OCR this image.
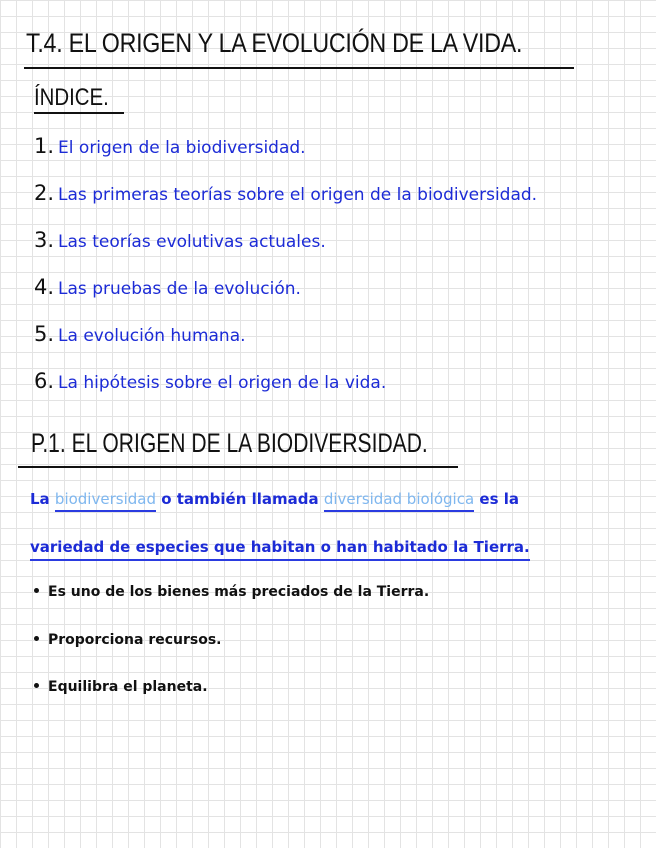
T.4. EL ORIGEN Y LA EVOLUCIÓN DE LA VIDA.
ÍNDICE.
1. El origen de la biodiversidad.
2. Las primeras teorías sobre el origen de la biodiversidad.
3. Las teorías evolutivas actuales.
4. Las pruebas de la evolución.
5. La evolución humana.
6. La hipótesis sobre el origen de la vida.
P.1. EL ORIGEN DE LA BIODIVERSIDAD.
La biodiversidad o también llamada diversidad biológica es la
variedad de especies que habitan o han habitado la Tierra.
Es uno de los bienes más preciados de la Tierra.
Proporciona recursos.
Equilibra el planeta.
